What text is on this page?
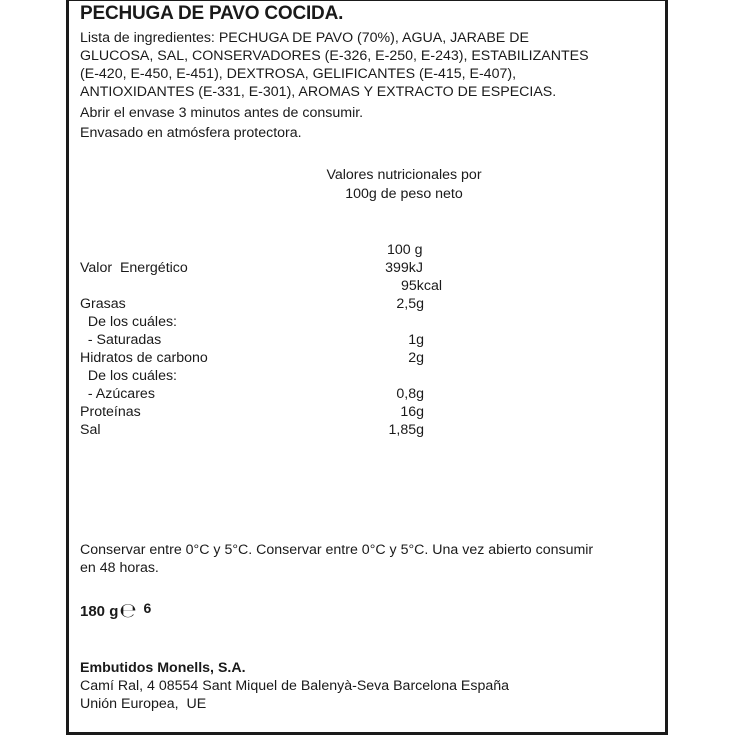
PECHUGA DE PAVO COCIDA.
Lista de ingredientes: PECHUGA DE PAVO (70%), AGUA, JARABE DE
GLUCOSA, SAL, CONSERVADORES (E-326, E-250, E-243), ESTABILIZANTES
(E-420, E-450, E-451), DEXTROSA, GELIFICANTES (E-415, E-407),
ANTIOXIDANTES (E-331, E-301), AROMAS Y EXTRACTO DE ESPECIAS.
Abrir el envase 3 minutos antes de consumir.
Envasado en atmósfera protectora.
Valores nutricionales por
100g de peso neto
100 g
Valor  Energético	399kJ
95kcal
Grasas	2,5g
De los cuáles:
- Saturadas	1g
Hidratos de carbono	2g
De los cuáles:
- Azúcares	0,8g
Proteínas	16g
Sal	1,85g
Conservar entre 0°C y 5°C. Conservar entre 0°C y 5°C. Una vez abierto consumir
en 48 horas.
180 g℮ 6
Embutidos Monells, S.A.
Camí Ral, 4 08554 Sant Miquel de Balenyà-Seva Barcelona España
Unión Europea,  UE
